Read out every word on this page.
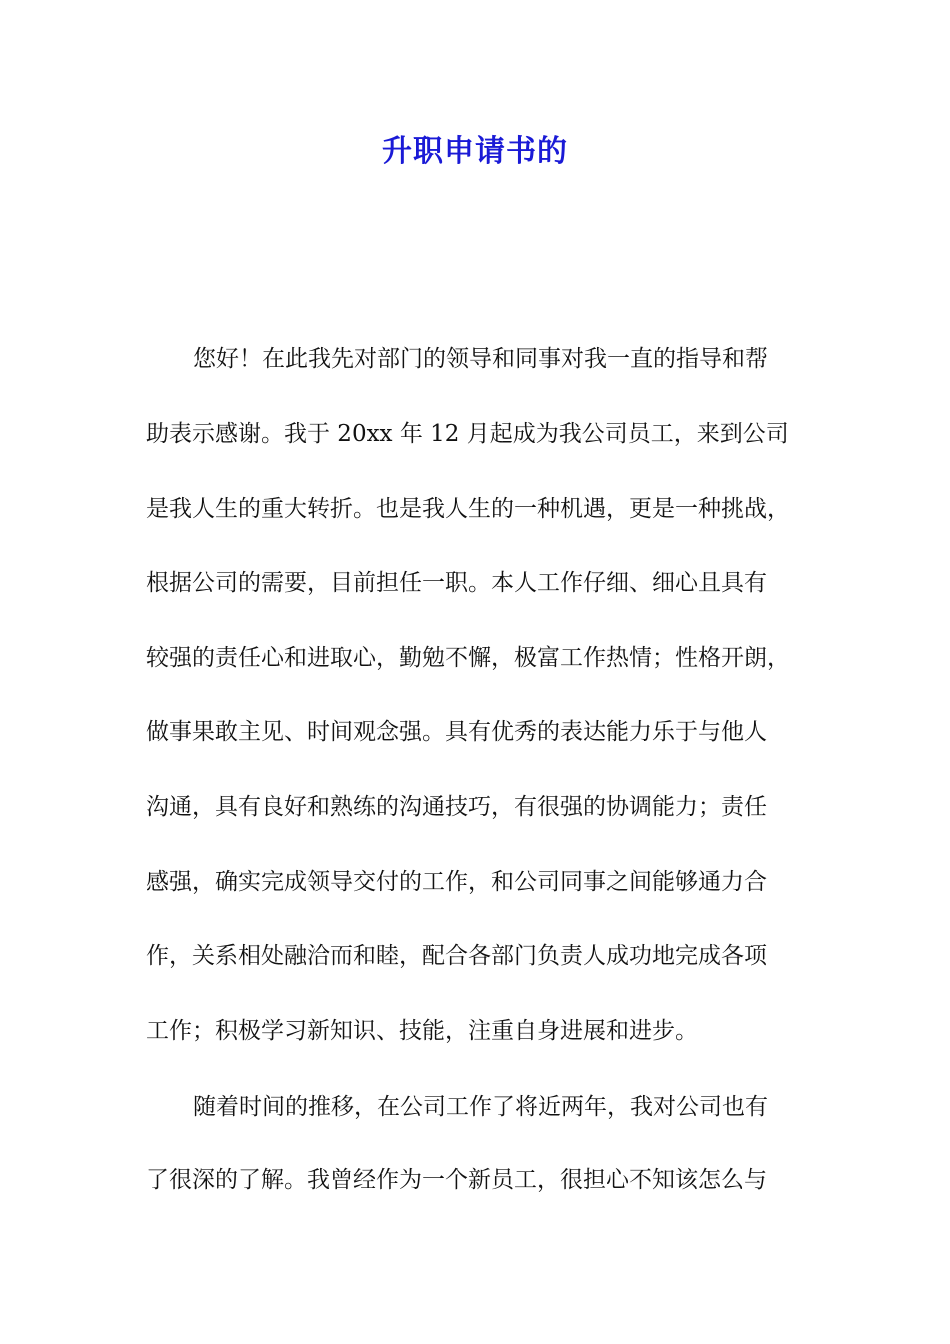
升职申请书的
您好！在此我先对部门的领导和同事对我一直的指导和帮
助表示感谢。我于 20xx 年 12 月起成为我公司员工，来到公司
是我人生的重大转折。也是我人生的一种机遇，更是一种挑战，
根据公司的需要，目前担任一职。本人工作仔细、细心且具有
较强的责任心和进取心，勤勉不懈，极富工作热情；性格开朗，
做事果敢主见、时间观念强。具有优秀的表达能力乐于与他人
沟通，具有良好和熟练的沟通技巧，有很强的协调能力；责任
感强，确实完成领导交付的工作，和公司同事之间能够通力合
作，关系相处融洽而和睦，配合各部门负责人成功地完成各项
工作；积极学习新知识、技能，注重自身进展和进步。
随着时间的推移，在公司工作了将近两年，我对公司也有
了很深的了解。我曾经作为一个新员工，很担心不知该怎么与
